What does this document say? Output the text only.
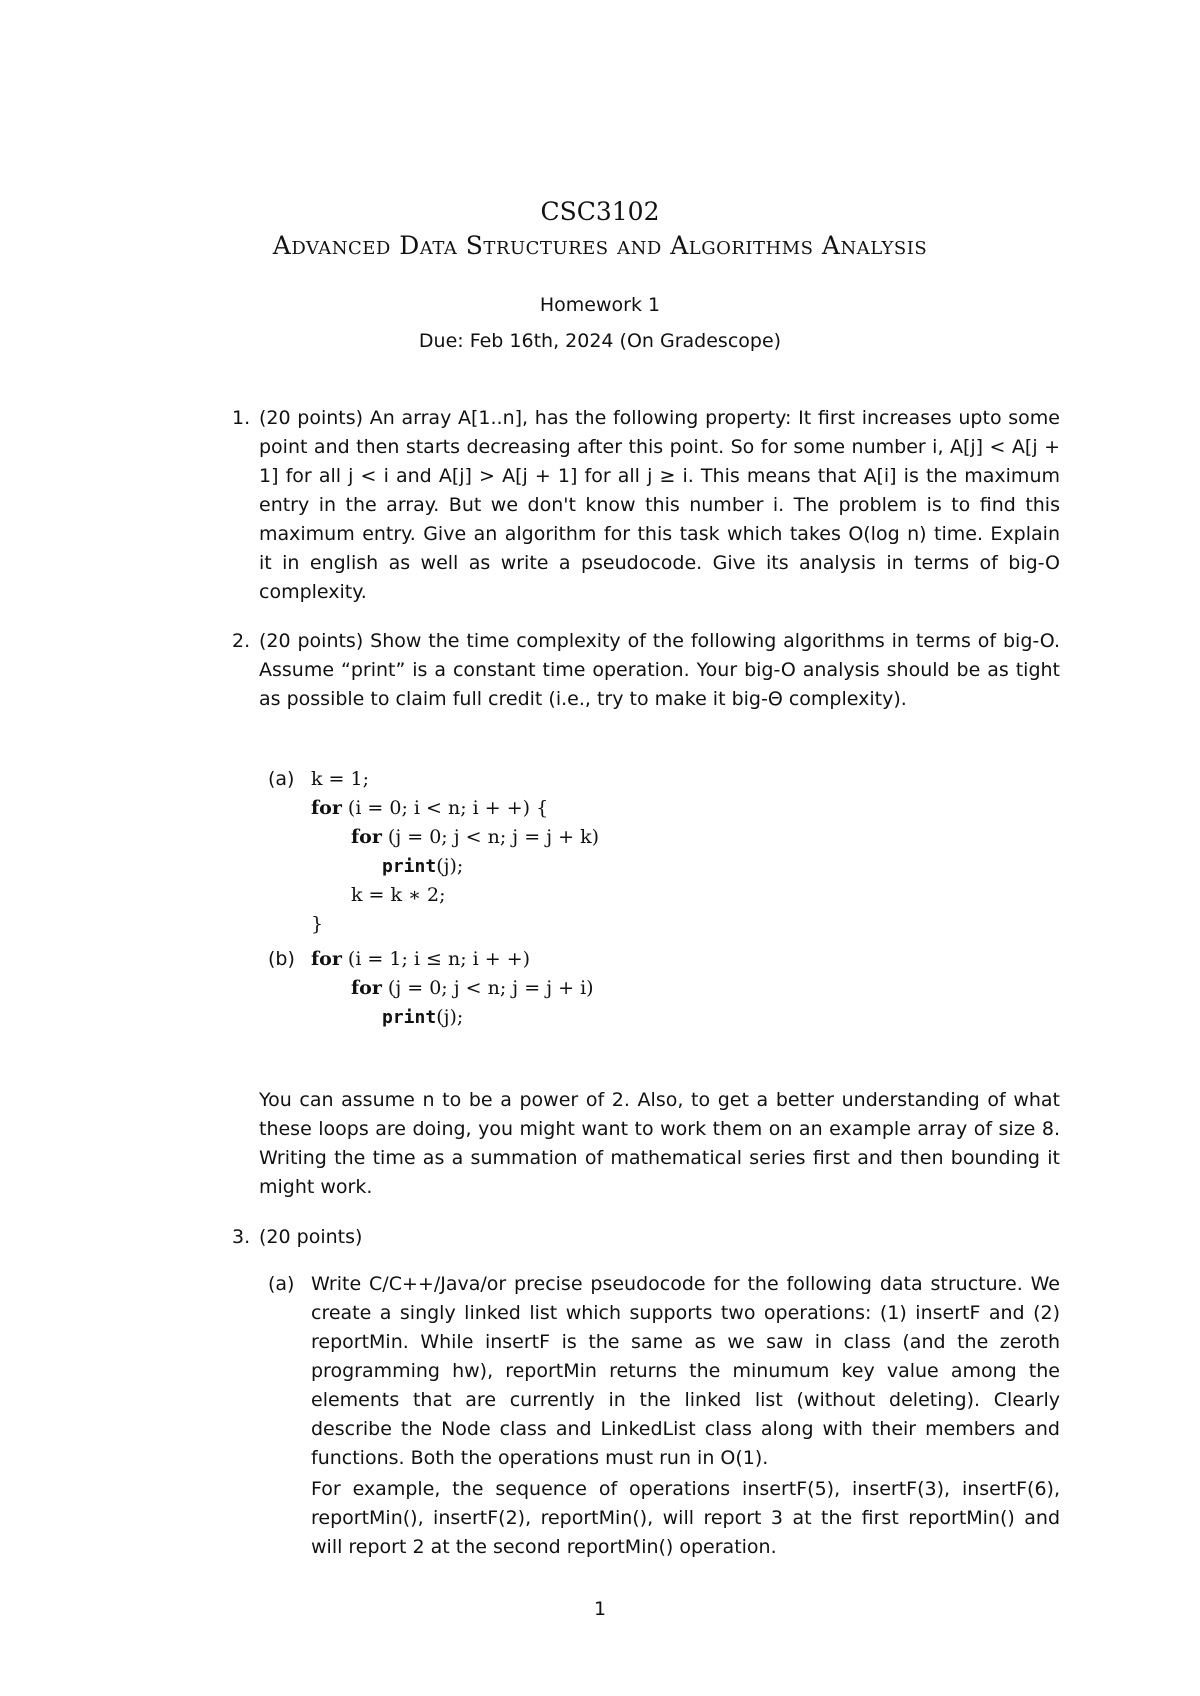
CSC3102
Advanced Data Structures and Algorithms Analysis
Homework 1
Due: Feb 16th, 2024 (On Gradescope)
1. (20 points) An array A[1..n], has the following property: It first increases upto some point and then starts decreasing after this point. So for some number i, A[j] < A[j + 1] for all j < i and A[j] > A[j + 1] for all j ≥ i. This means that A[i] is the maximum entry in the array. But we don't know this number i. The problem is to find this maximum entry. Give an algorithm for this task which takes O(log n) time. Explain it in english as well as write a pseudocode. Give its analysis in terms of big-O complexity.
2. (20 points) Show the time complexity of the following algorithms in terms of big-O. Assume “print” is a constant time operation. Your big-O analysis should be as tight as possible to claim full credit (i.e., try to make it big-Θ complexity).
(a) k = 1;
for (i = 0; i < n; i + +) {
for (j = 0; j < n; j = j + k)
print(j);
k = k ∗ 2;
}
(b) for (i = 1; i ≤ n; i + +)
for (j = 0; j < n; j = j + i)
print(j);
You can assume n to be a power of 2. Also, to get a better understanding of what these loops are doing, you might want to work them on an example array of size 8. Writing the time as a summation of mathematical series first and then bounding it might work.
3. (20 points)
(a) Write C/C++/Java/or precise pseudocode for the following data structure. We create a singly linked list which supports two operations: (1) insertF and (2) reportMin. While insertF is the same as we saw in class (and the zeroth programming hw), reportMin returns the minumum key value among the elements that are currently in the linked list (without deleting). Clearly describe the Node class and LinkedList class along with their members and functions. Both the operations must run in O(1).
For example, the sequence of operations insertF(5), insertF(3), insertF(6), reportMin(), insertF(2), reportMin(), will report 3 at the first reportMin() and will report 2 at the second reportMin() operation.
1
